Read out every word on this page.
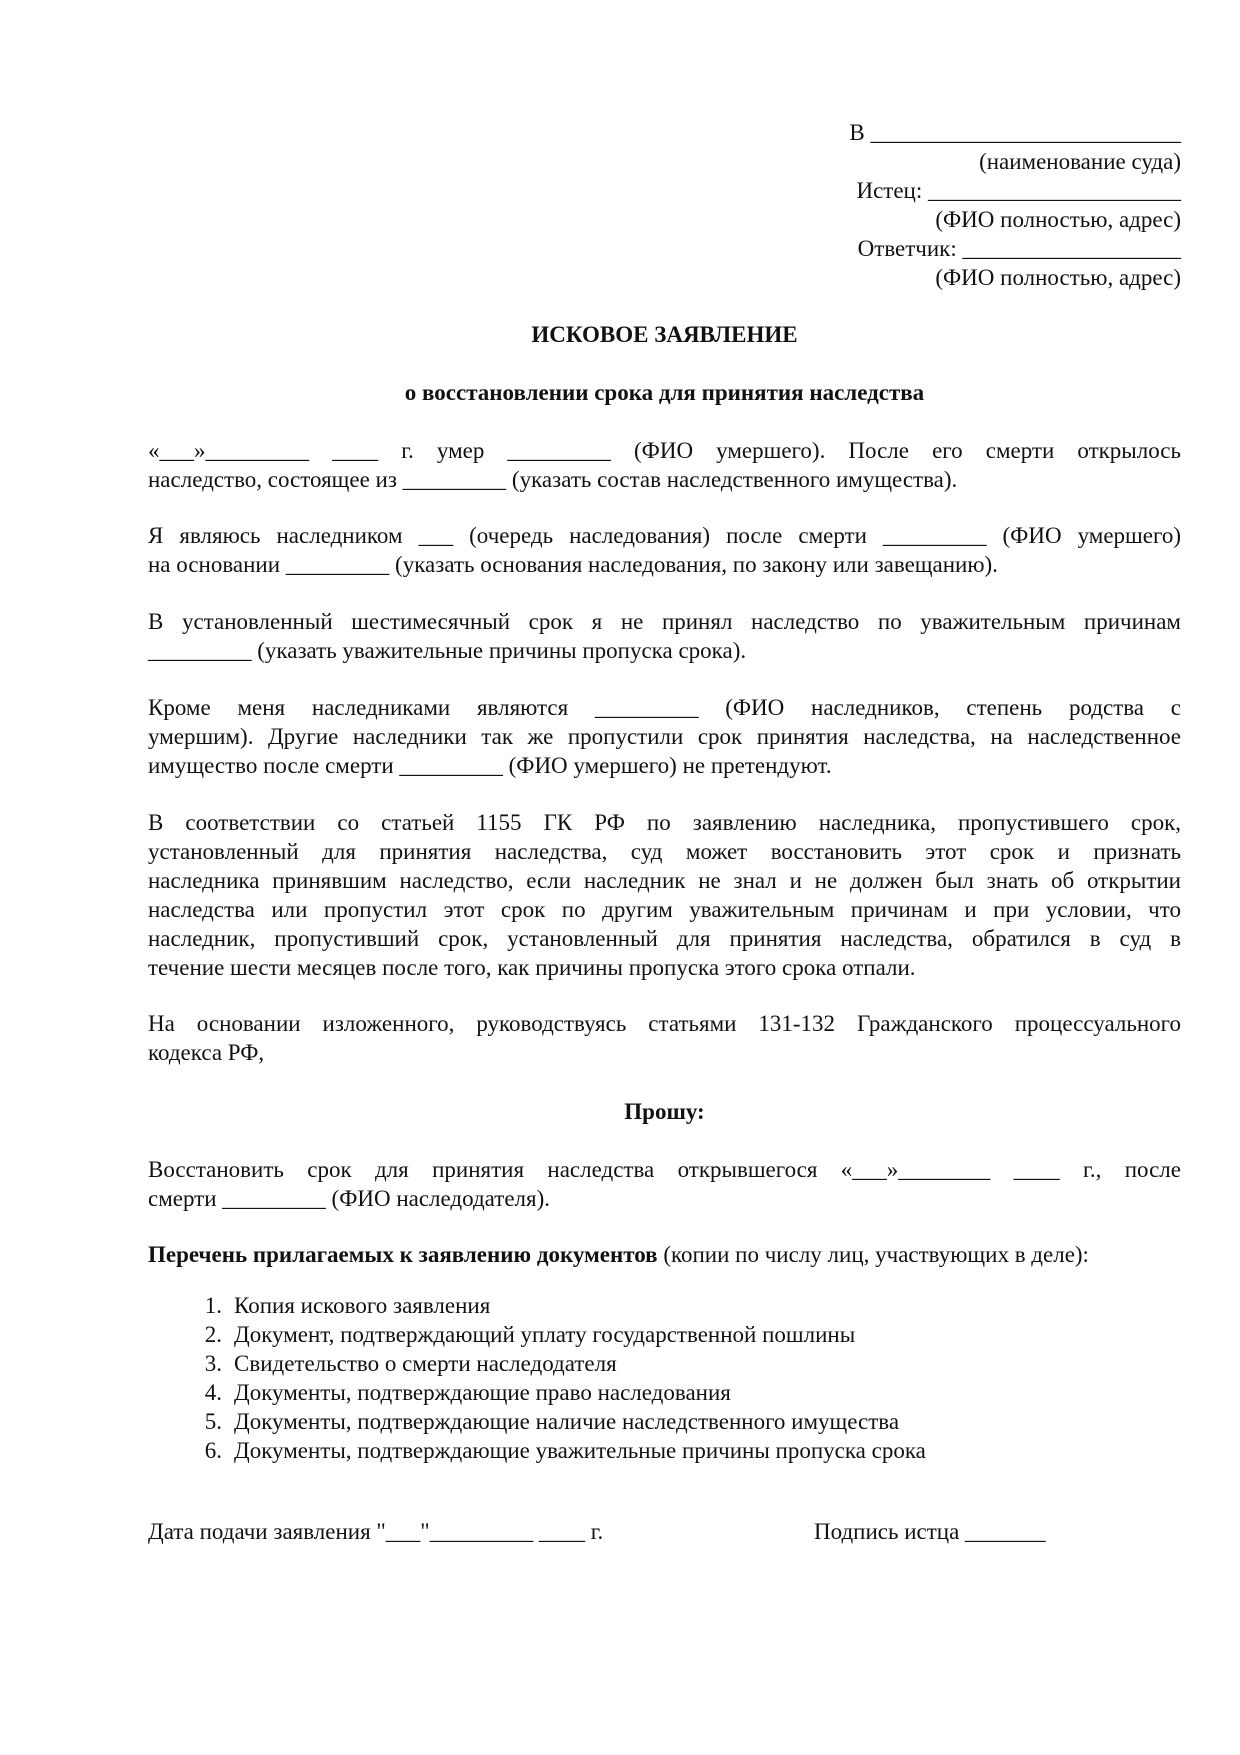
В ___________________________
(наименование суда)
Истец: ______________________
(ФИО полностью, адрес)
Ответчик: ___________________
(ФИО полностью, адрес)
ИСКОВОЕ ЗАЯВЛЕНИЕ
о восстановлении срока для принятия наследства
«___»_________ ____ г. умер _________ (ФИО умершего). После его смерти открылось
наследство, состоящее из _________ (указать состав наследственного имущества).
Я являюсь наследником ___ (очередь наследования) после смерти _________ (ФИО умершего)
на основании _________ (указать основания наследования, по закону или завещанию).
В установленный шестимесячный срок я не принял наследство по уважительным причинам
_________ (указать уважительные причины пропуска срока).
Кроме меня наследниками являются _________ (ФИО наследников, степень родства с
умершим). Другие наследники так же пропустили срок принятия наследства, на наследственное
имущество после смерти _________ (ФИО умершего) не претендуют.
В соответствии со статьей 1155 ГК РФ по заявлению наследника, пропустившего срок,
установленный для принятия наследства, суд может восстановить этот срок и признать
наследника принявшим наследство, если наследник не знал и не должен был знать об открытии
наследства или пропустил этот срок по другим уважительным причинам и при условии, что
наследник, пропустивший срок, установленный для принятия наследства, обратился в суд в
течение шести месяцев после того, как причины пропуска этого срока отпали.
На основании изложенного, руководствуясь статьями 131-132 Гражданского процессуального
кодекса РФ,
Прошу:
Восстановить срок для принятия наследства открывшегося «___»________ ____ г., после
смерти _________ (ФИО наследодателя).
Перечень прилагаемых к заявлению документов (копии по числу лиц, участвующих в деле):
1. Копия искового заявления
2. Документ, подтверждающий уплату государственной пошлины
3. Свидетельство о смерти наследодателя
4. Документы, подтверждающие право наследования
5. Документы, подтверждающие наличие наследственного имущества
6. Документы, подтверждающие уважительные причины пропуска срока
Дата подачи заявления "___"_________ ____ г.	Подпись истца _______
